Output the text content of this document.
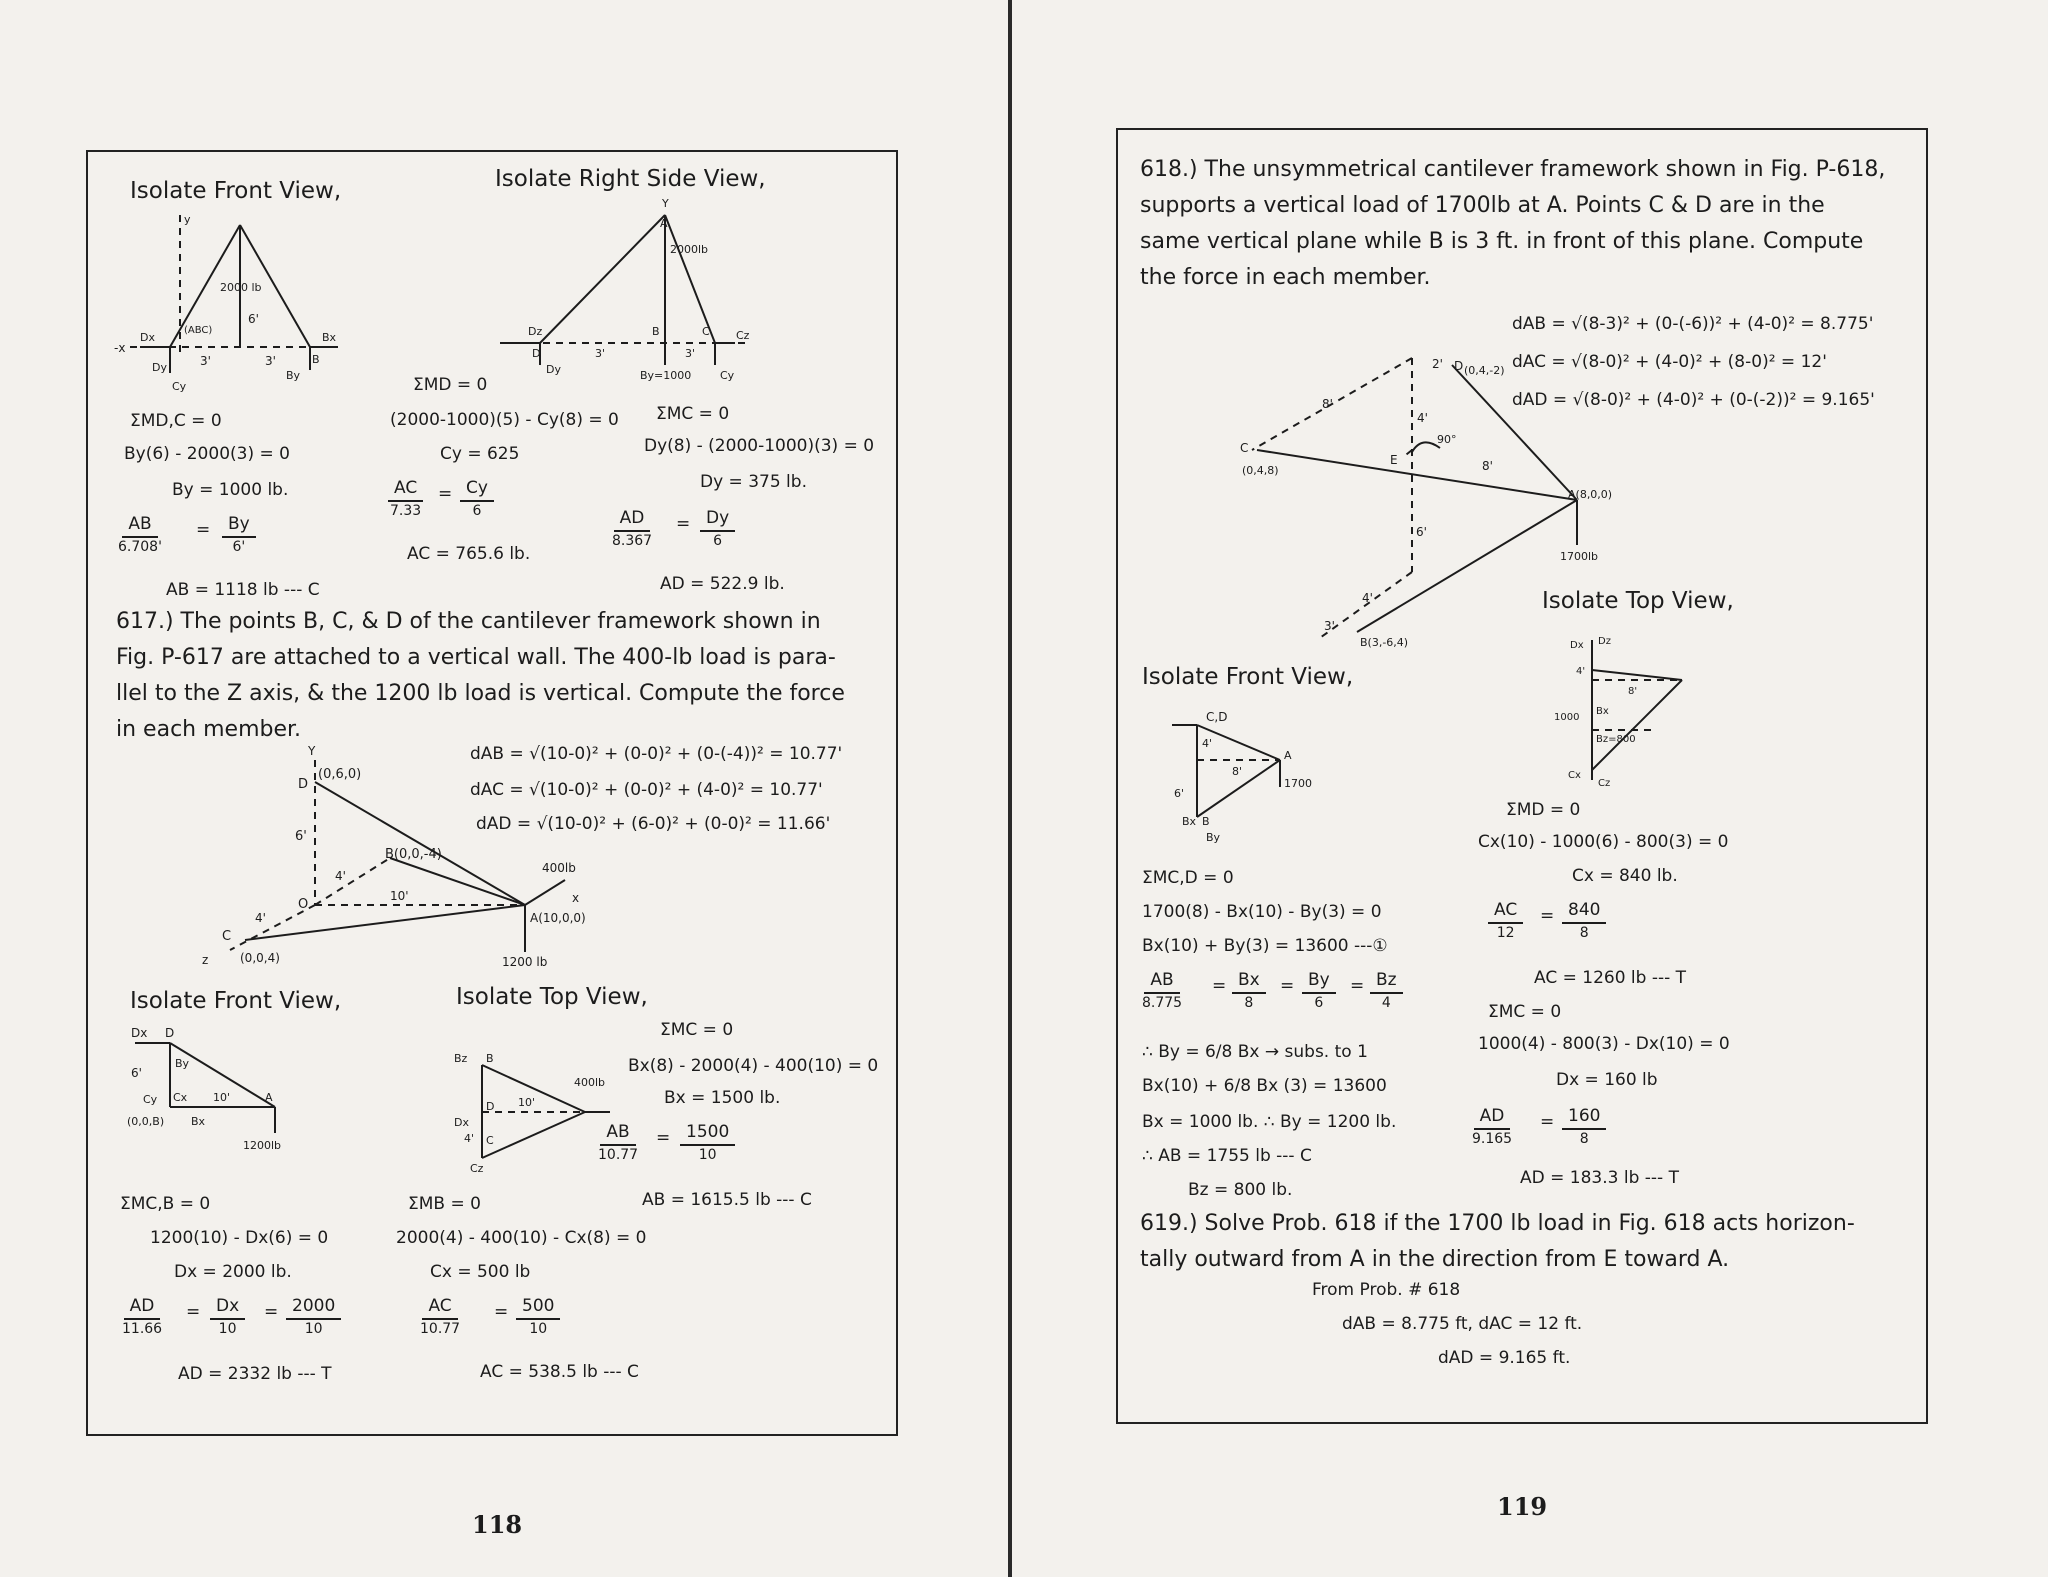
Isolate Front View,	Isolate Right Side View,
y
-x
2000 lb
Dx
Dy
Cy
Bx
By
B
6'
3'	3'
(ABC)
Y
A
2000lb
Dz
D
Dy
3'	3'
B
By=1000
C Cz
Cy
ΣMD,C = 0
By(6) - 2000(3) = 0
By = 1000 lb.
AB
6.708'
=	By
6'
AB = 1118 lb --- C
ΣMD = 0
(2000-1000)(5) - Cy(8) = 0
Cy = 625
AC
7.33
= Cy
6
AC = 765.6 lb.
ΣMC = 0
Dy(8) - (2000-1000)(3) = 0
Dy = 375 lb.
AD
8.367
= Dy
6
AD = 522.9 lb.
617.) The points B, C, & D of the cantilever framework shown in
Fig. P-617 are attached to a vertical wall. The 400-lb load is para-
llel to the Z axis, & the 1200 lb load is vertical. Compute the force
in each member.
dAB = √(10-0)² + (0-0)² + (0-(-4))² = 10.77'
dAC = √(10-0)² + (0-0)² + (4-0)² = 10.77'
dAD = √(10-0)² + (6-0)² + (0-0)² = 11.66'
Y
D
(0,6,0)
B(0,0,-4)
6'
4'
4'
10'
O
C
(0,0,4)
z
x
A(10,0,0)
400lb
1200 lb
Isolate Front View,	Isolate Top View,
Dx D
By
6'
Cy Cx 10'
(0,0,B) Bx
A
1200lb
Bz B
Dx
D 10'
4' C
Cz
400lb
ΣMC = 0
Bx(8) - 2000(4) - 400(10) = 0
Bx = 1500 lb.
AB
10.77
= 1500
10
AB = 1615.5 lb --- C
ΣMC,B = 0
1200(10) - Dx(6) = 0
Dx = 2000 lb.
AD
11.66
= Dx
10
= 2000
10
AD = 2332 lb --- T
ΣMB = 0
2000(4) - 400(10) - Cx(8) = 0
Cx = 500 lb
AC
10.77
= 500
10
AC = 538.5 lb --- C
118
618.) The unsymmetrical cantilever framework shown in Fig. P-618,
supports a vertical load of 1700lb at A. Points C & D are in the
same vertical plane while B is 3 ft. in front of this plane. Compute
the force in each member.
dAB = √(8-3)² + (0-(-6))² + (4-0)² = 8.775'
dAC = √(8-0)² + (4-0)² + (8-0)² = 12'
dAD = √(8-0)² + (4-0)² + (0-(-2))² = 9.165'
D (0,4,-2)
2'
8'
8'
4'
4'
6'
C
(0,4,8)
E
90°
A(8,0,0)
1700lb
3'
B(3,-6,4)
Isolate Front View,
Isolate Top View,
C,D
4'
8'
6'
A
1700
Bx B
By
Dx Dz
4'
8'
1000
Bx
Bz=800
Cx
Cz
ΣMD = 0
Cx(10) - 1000(6) - 800(3) = 0
Cx = 840 lb.
AC
12
= 840
8
AC = 1260 lb --- T
ΣMC = 0
1000(4) - 800(3) - Dx(10) = 0
Dx = 160 lb
AD
9.165
= 160
8
AD = 183.3 lb --- T
ΣMC,D = 0
1700(8) - Bx(10) - By(3) = 0
Bx(10) + By(3) = 13600 ---①
AB
8.775
= Bx
8
= By
6
= Bz
4
∴ By = 6/8 Bx → subs. to 1
Bx(10) + 6/8 Bx (3) = 13600
Bx = 1000 lb. ∴ By = 1200 lb.
∴ AB = 1755 lb --- C
Bz = 800 lb.
619.) Solve Prob. 618 if the 1700 lb load in Fig. 618 acts horizon-
tally outward from A in the direction from E toward A.
From Prob. # 618
dAB = 8.775 ft, dAC = 12 ft.
dAD = 9.165 ft.
119
